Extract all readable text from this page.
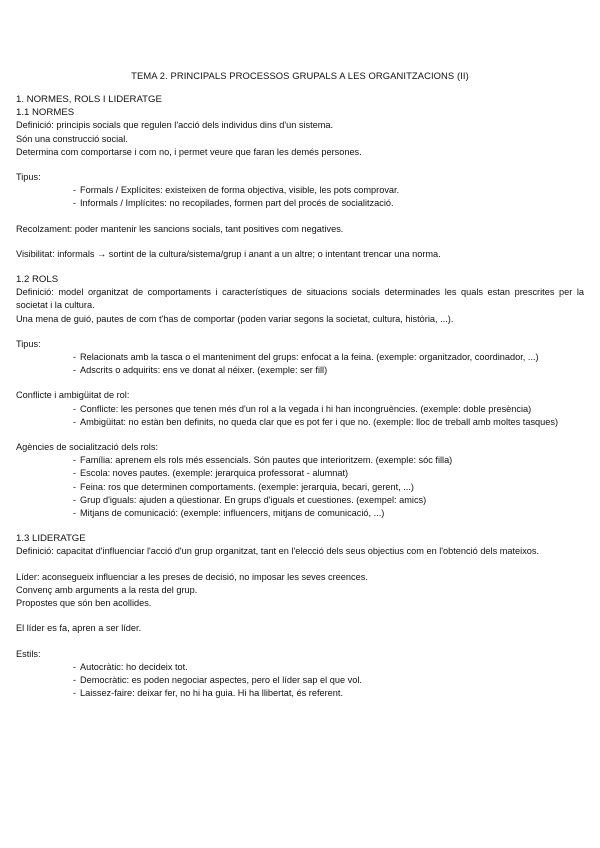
TEMA 2. PRINCIPALS PROCESSOS GRUPALS A LES ORGANITZACIONS (II)

1. NORMES, ROLS I LIDERATGE

1.1 NORMES

Definició: principis socials que regulen l'acció dels individus dins d'un sistema.

Són una construcció social.

Determina com comportarse i com no, i permet veure que faran les demés persones.

Tipus:

- Formals / Explícites: existeixen de forma objectiva, visible, les pots comprovar.
- Informals / Implícites: no recopilades, formen part del procés de socialització.

Recolzament: poder mantenir les sancions socials, tant positives com negatives.

Visibilitat: informals → sortint de la cultura/sistema/grup i anant a un altre; o intentant trencar una norma.

1.2 ROLS

Definició: model organitzat de comportaments i característiques de situacions socials determinades les quals estan prescrites per la societat i la cultura.

Una mena de guió, pautes de com t'has de comportar (poden variar segons la societat, cultura, història, ...).

Tipus:

- Relacionats amb la tasca o el manteniment del grups: enfocat a la feina. (exemple: organitzador, coordinador, ...)
- Adscrits o adquirits: ens ve donat al néixer. (exemple: ser fill)

Conflicte i ambigüitat de rol:

- Conflicte: les persones que tenen més d'un rol a la vegada i hi han incongruències. (exemple: doble presència)
- Ambigüitat: no estàn ben definits, no queda clar que es pot fer i que no. (exemple: lloc de treball amb moltes tasques)

Agències de socialització dels rols:

- Família: aprenem els rols més essencials. Són pautes que interioritzem. (exemple: sóc filla)
- Escola: noves pautes. (exemple: jerarquica professorat - alumnat)
- Feina: ros que determinen comportaments. (exemple: jerarquia, becari, gerent, ...)
- Grup d'iguals: ajuden a qüestionar. En grups d'iguals et cuestiones. (exempel: amics)
- Mitjans de comunicació: (exemple: influencers, mitjans de comunicació, ...)

1.3 LIDERATGE

Definició: capacitat d'influenciar l'acció d'un grup organitzat, tant en l'elecció dels seus objectius com en l'obtenció dels mateixos.

Líder: aconsegueix influenciar a les preses de decisió, no imposar les seves creences.

Convenç amb arguments a la resta del grup.

Propostes que són ben acollides.

El líder es fa, apren a ser líder.

Estils:

- Autocràtic: ho decideix tot.
- Democràtic: es poden negociar aspectes, pero el líder sap el que vol.
- Laissez-faire: deixar fer, no hi ha guia. Hi ha llibertat, és referent.
